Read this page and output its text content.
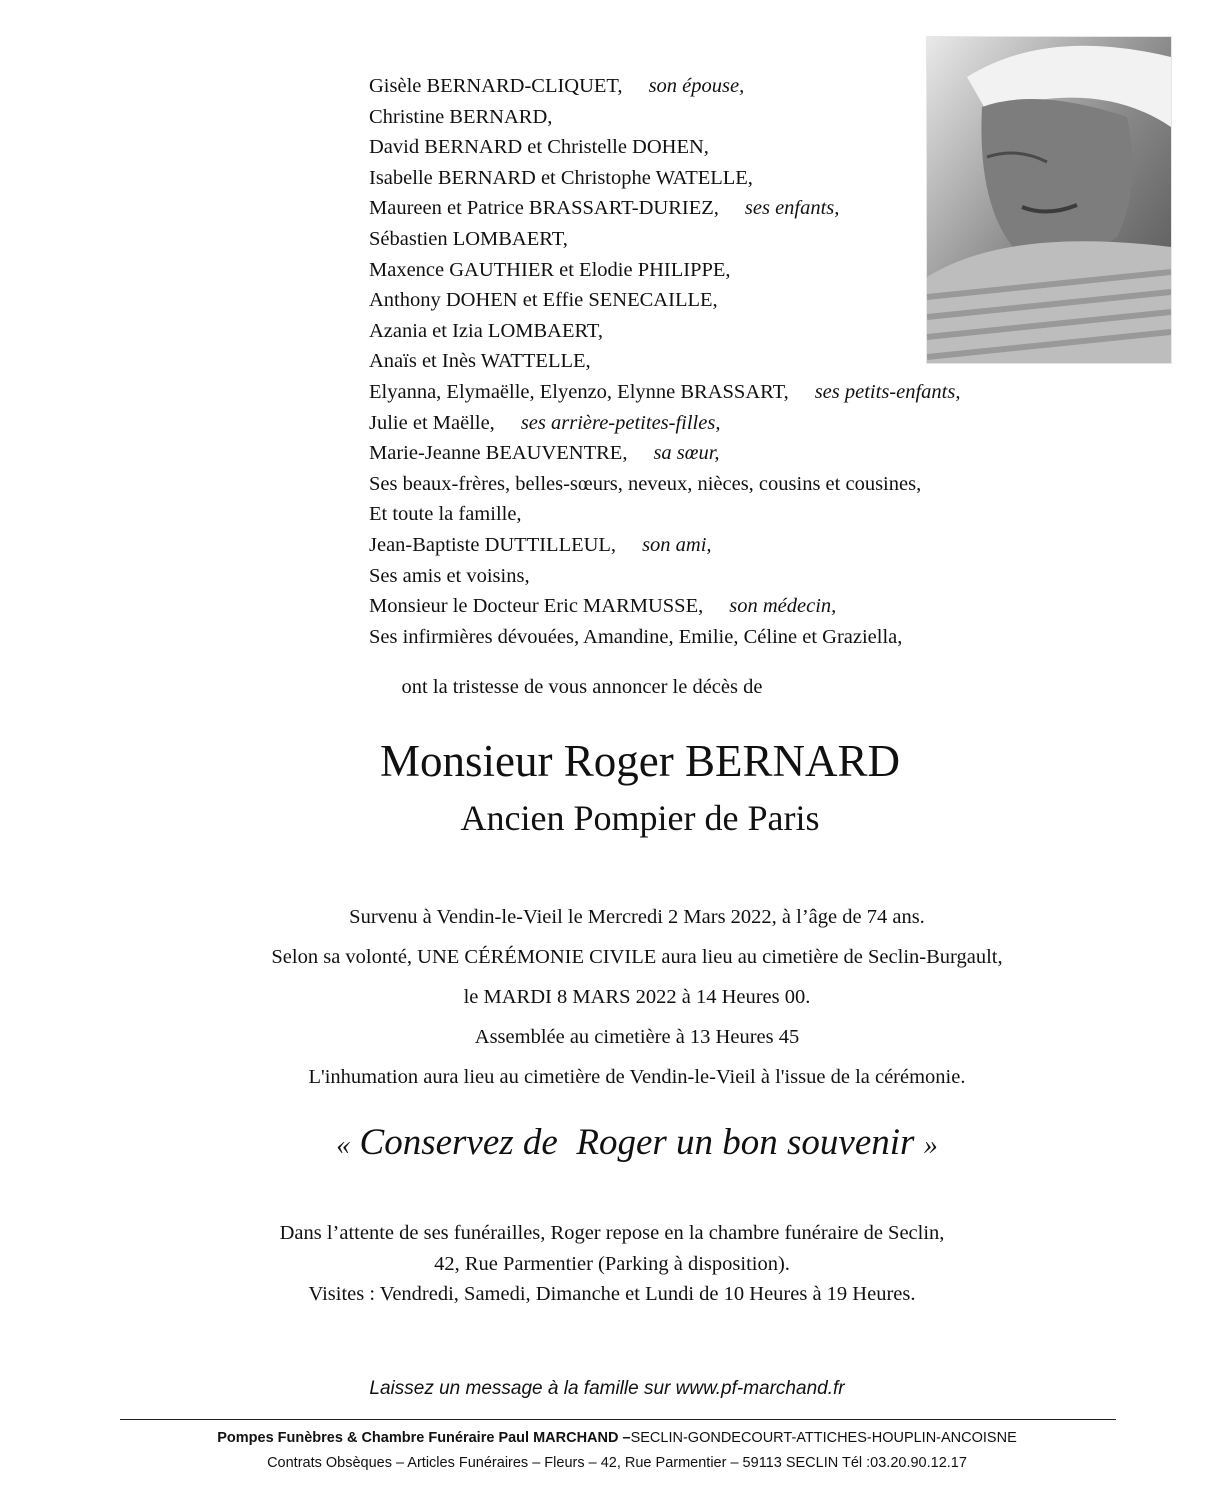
Gisèle BERNARD-CLIQUET, son épouse,
Christine BERNARD,
David BERNARD et Christelle DOHEN,
Isabelle BERNARD et Christophe WATELLE,
Maureen et Patrice BRASSART-DURIEZ, ses enfants,
Sébastien LOMBAERT,
Maxence GAUTHIER et Elodie PHILIPPE,
Anthony DOHEN et Effie SENECAILLE,
Azania et Izia LOMBAERT,
Anaïs et Inès WATTELLE,
Elyanna, Elymaëlle, Elyenzo, Elynne BRASSART, ses petits-enfants,
Julie et Maëlle, ses arrière-petites-filles,
Marie-Jeanne BEAUVENTRE, sa sœur,
Ses beaux-frères, belles-sœurs, neveux, nièces, cousins et cousines,
Et toute la famille,
Jean-Baptiste DUTTILLEUL, son ami,
Ses amis et voisins,
Monsieur le Docteur Eric MARMUSSE, son médecin,
Ses infirmières dévouées, Amandine, Emilie, Céline et Graziella,
ont la tristesse de vous annoncer le décès de
Monsieur Roger BERNARD
Ancien Pompier de Paris
Survenu à Vendin-le-Vieil le Mercredi 2 Mars 2022, à l’âge de 74 ans.
Selon sa volonté, UNE CÉRÉMONIE CIVILE aura lieu au cimetière de Seclin-Burgault,
le MARDI 8 MARS 2022 à 14 Heures 00.
Assemblée au cimetière à 13 Heures 45
L'inhumation aura lieu au cimetière de Vendin-le-Vieil à l'issue de la cérémonie.
« Conservez de  Roger un bon souvenir »
Dans l’attente de ses funérailles, Roger repose en la chambre funéraire de Seclin,
42, Rue Parmentier (Parking à disposition).
Visites : Vendredi, Samedi, Dimanche et Lundi de 10 Heures à 19 Heures.
Laissez un message à la famille sur www.pf-marchand.fr
Pompes Funèbres & Chambre Funéraire Paul MARCHAND –SECLIN-GONDECOURT-ATTICHES-HOUPLIN-ANCOISNE
Contrats Obsèques – Articles Funéraires – Fleurs – 42, Rue Parmentier – 59113 SECLIN Tél :03.20.90.12.17
